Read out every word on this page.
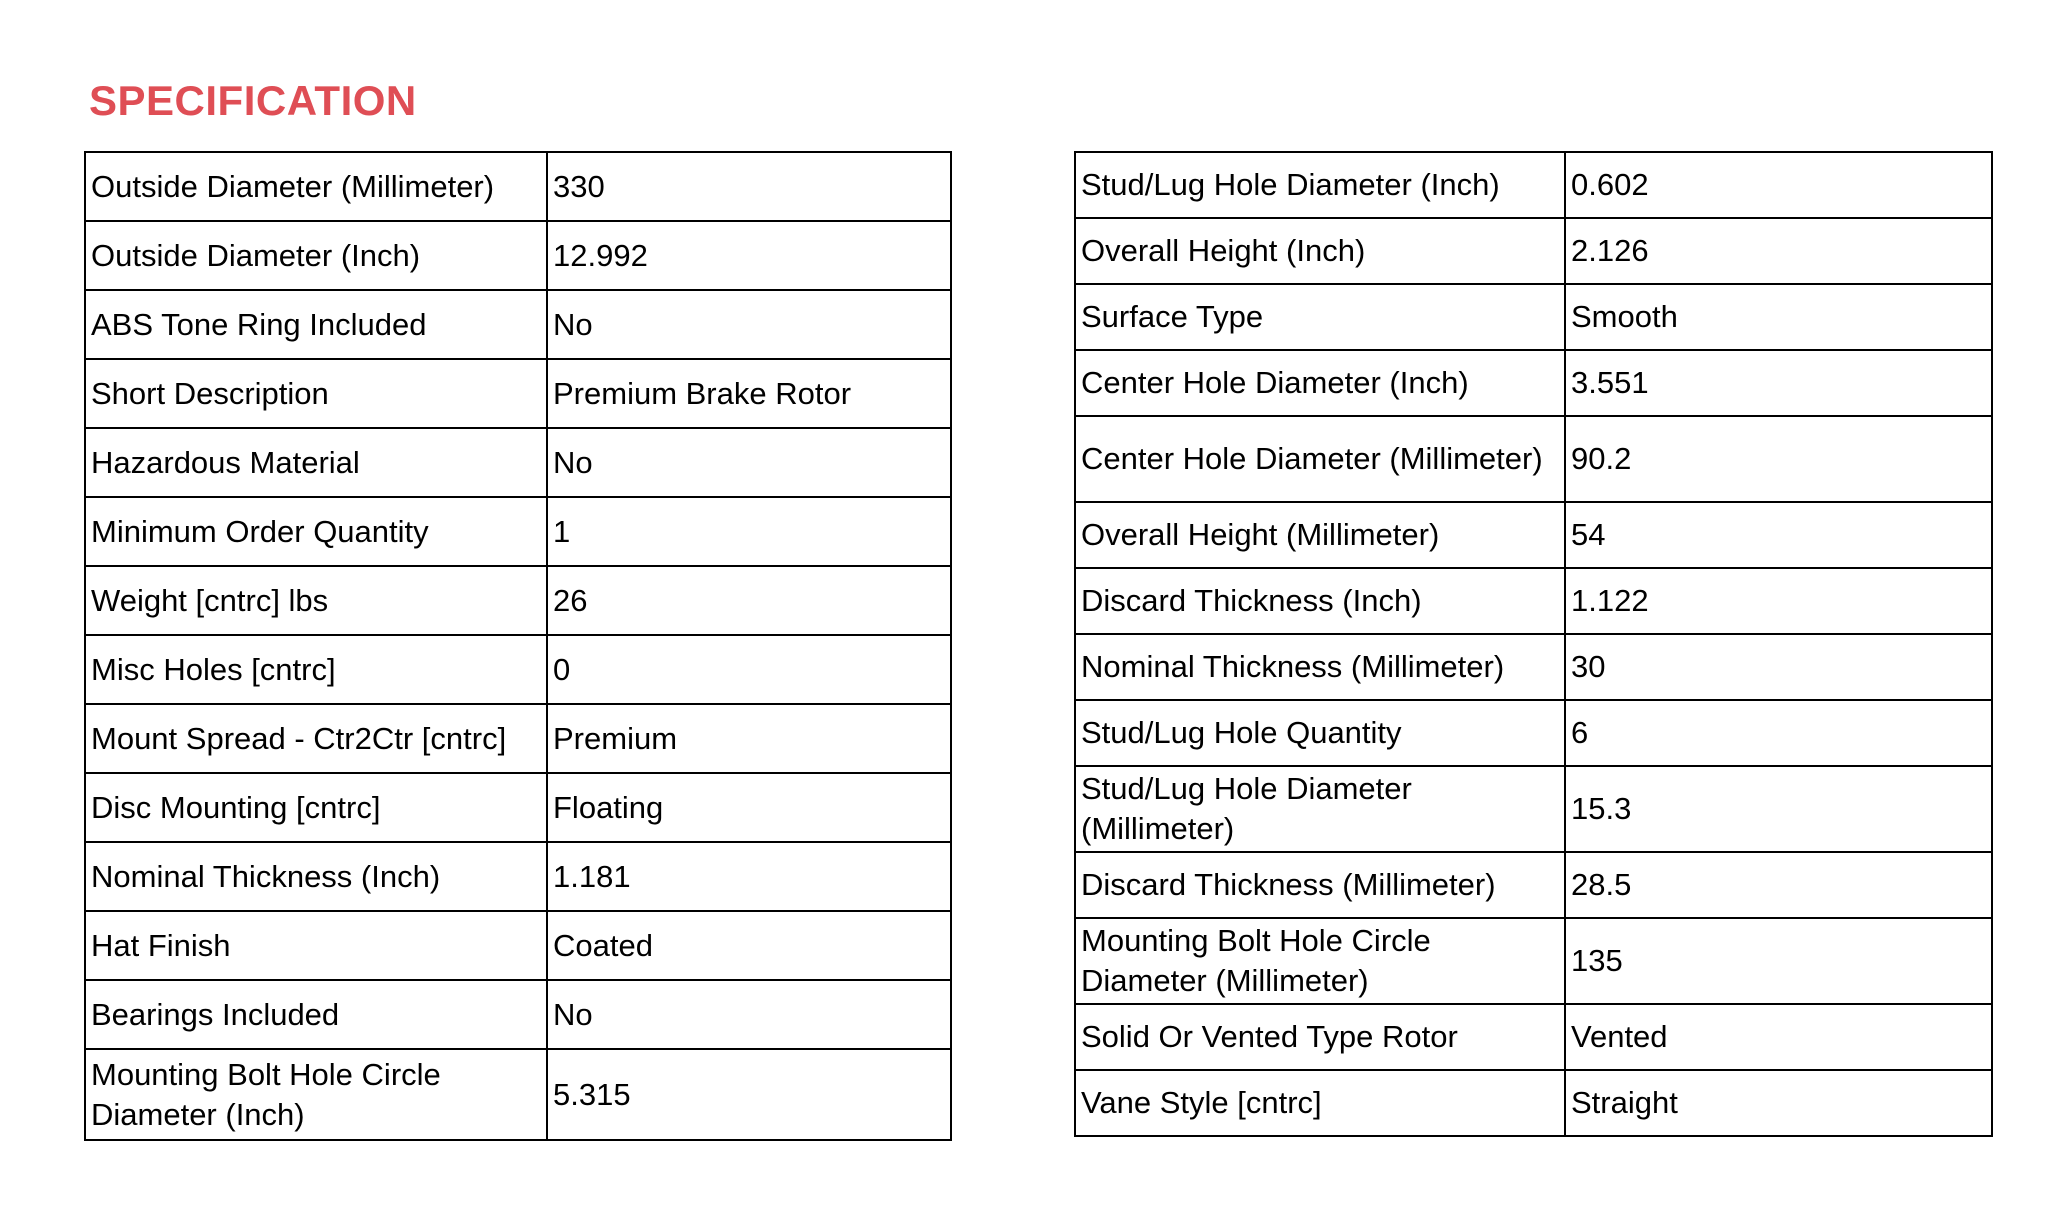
SPECIFICATION
Outside Diameter (Millimeter)	330
Outside Diameter (Inch)	12.992
ABS Tone Ring Included	No
Short Description	Premium Brake Rotor
Hazardous Material	No
Minimum Order Quantity	1
Weight [cntrc] lbs	26
Misc Holes [cntrc]	0
Mount Spread - Ctr2Ctr [cntrc]	Premium
Disc Mounting [cntrc]	Floating
Nominal Thickness (Inch)	1.181
Hat Finish	Coated
Bearings Included	No
Mounting Bolt Hole Circle Diameter (Inch)	5.315
Stud/Lug Hole Diameter (Inch)	0.602
Overall Height (Inch)	2.126
Surface Type	Smooth
Center Hole Diameter (Inch)	3.551
Center Hole Diameter (Millimeter)	90.2
Overall Height (Millimeter)	54
Discard Thickness (Inch)	1.122
Nominal Thickness (Millimeter)	30
Stud/Lug Hole Quantity	6
Stud/Lug Hole Diameter (Millimeter)	15.3
Discard Thickness (Millimeter)	28.5
Mounting Bolt Hole Circle Diameter (Millimeter)	135
Solid Or Vented Type Rotor	Vented
Vane Style [cntrc]	Straight
